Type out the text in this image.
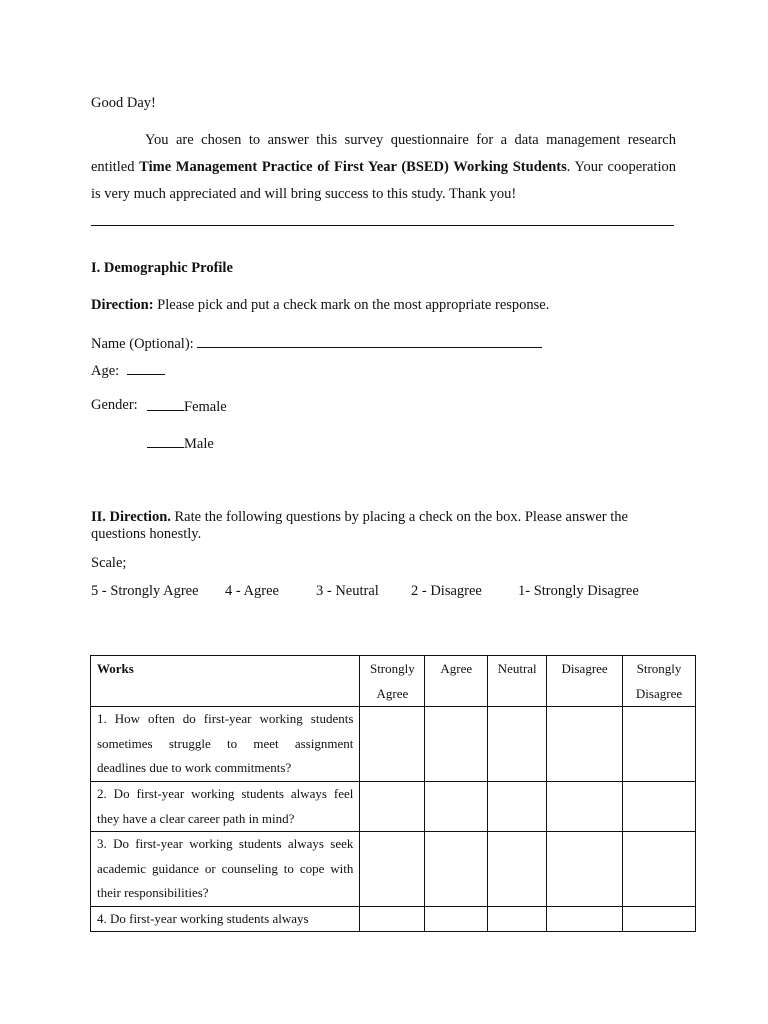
Good Day!
You are chosen to answer this survey questionnaire for a data management research entitled Time Management Practice of First Year (BSED) Working Students. Your cooperation is very much appreciated and will bring success to this study. Thank you!
I. Demographic Profile
Direction: Please pick and put a check mark on the most appropriate response.
Name (Optional):
Age:
Gender:	Female
Male
II. Direction. Rate the following questions by placing a check on the box. Please answer the questions honestly.
Scale;
5 - Strongly Agree 4 - Agree	3 - Neutral 2 - Disagree 1- Strongly Disagree
Works	Strongly Agree	Agree	Neutral	Disagree	Strongly Disagree
1. How often do first-year working students sometimes struggle to meet assignment deadlines due to work commitments?					
2. Do first-year working students always feel they have a clear career path in mind?					
3. Do first-year working students always seek academic guidance or counseling to cope with their responsibilities?					
4. Do first-year working students always					
